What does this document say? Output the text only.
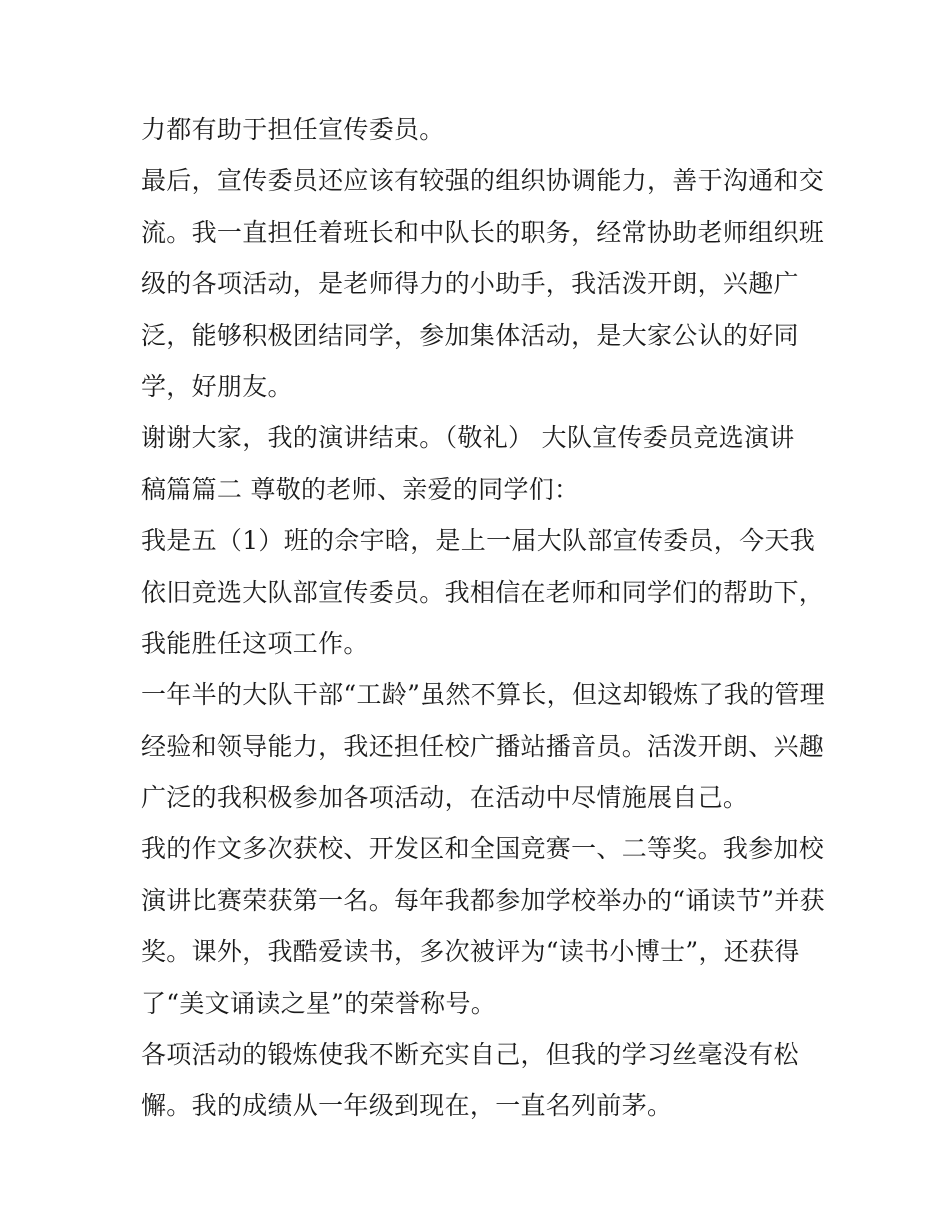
力都有助于担任宣传委员。
最后，宣传委员还应该有较强的组织协调能力，善于沟通和交
流。我一直担任着班长和中队长的职务，经常协助老师组织班
级的各项活动，是老师得力的小助手，我活泼开朗，兴趣广
泛，能够积极团结同学，参加集体活动，是大家公认的好同
学，好朋友。
谢谢大家，我的演讲结束。（敬礼） 大队宣传委员竞选演讲
稿篇篇二 尊敬的老师、亲爱的同学们：
我是五（1）班的佘宇晗，是上一届大队部宣传委员，今天我
依旧竞选大队部宣传委员。我相信在老师和同学们的帮助下，
我能胜任这项工作。
一年半的大队干部“工龄”虽然不算长，但这却锻炼了我的管理
经验和领导能力，我还担任校广播站播音员。活泼开朗、兴趣
广泛的我积极参加各项活动，在活动中尽情施展自己。
我的作文多次获校、开发区和全国竞赛一、二等奖。我参加校
演讲比赛荣获第一名。每年我都参加学校举办的“诵读节”并获
奖。课外，我酷爱读书，多次被评为“读书小博士”，还获得
了“美文诵读之星”的荣誉称号。
各项活动的锻炼使我不断充实自己，但我的学习丝毫没有松
懈。我的成绩从一年级到现在，一直名列前茅。
